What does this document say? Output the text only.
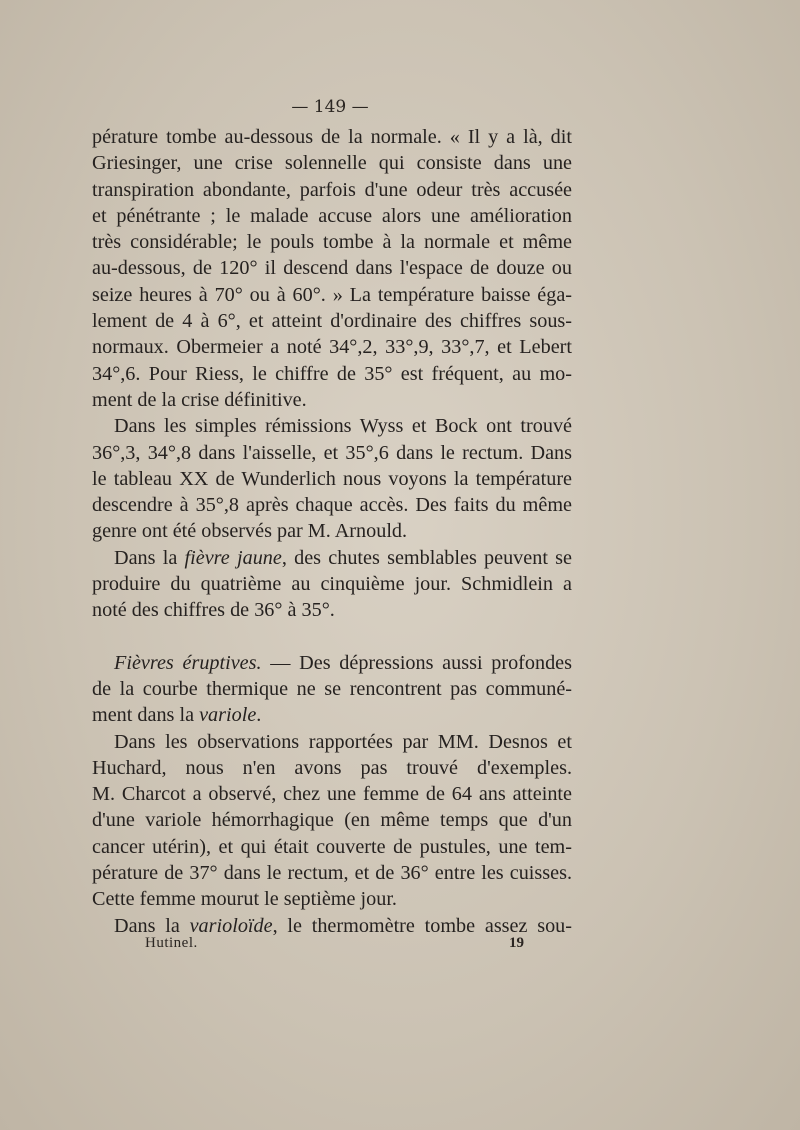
— 149 —
pérature tombe au-dessous de la normale. « Il y a là, dit
Griesinger, une crise solennelle qui consiste dans une
transpiration abondante, parfois d'une odeur très accusée
et pénétrante ; le malade accuse alors une amélioration
très considérable; le pouls tombe à la normale et même
au-dessous, de 120° il descend dans l'espace de douze ou
seize heures à 70° ou à 60°. » La température baisse éga-
lement de 4 à 6°, et atteint d'ordinaire des chiffres sous-
normaux. Obermeier a noté 34°,2, 33°,9, 33°,7, et Lebert
34°,6. Pour Riess, le chiffre de 35° est fréquent, au mo-
ment de la crise définitive.
Dans les simples rémissions Wyss et Bock ont trouvé
36°,3, 34°,8 dans l'aisselle, et 35°,6 dans le rectum. Dans
le tableau XX de Wunderlich nous voyons la température
descendre à 35°,8 après chaque accès. Des faits du même
genre ont été observés par M. Arnould.
Dans la fièvre jaune, des chutes semblables peuvent se
produire du quatrième au cinquième jour. Schmidlein a
noté des chiffres de 36° à 35°.
Fièvres éruptives. — Des dépressions aussi profondes
de la courbe thermique ne se rencontrent pas communé-
ment dans la variole.
Dans les observations rapportées par MM. Desnos et
Huchard, nous n'en avons pas trouvé d'exemples.
M. Charcot a observé, chez une femme de 64 ans atteinte
d'une variole hémorrhagique (en même temps que d'un
cancer utérin), et qui était couverte de pustules, une tem-
pérature de 37° dans le rectum, et de 36° entre les cuisses.
Cette femme mourut le septième jour.
Dans la varioloïde, le thermomètre tombe assez sou-
Hutinel.	19
